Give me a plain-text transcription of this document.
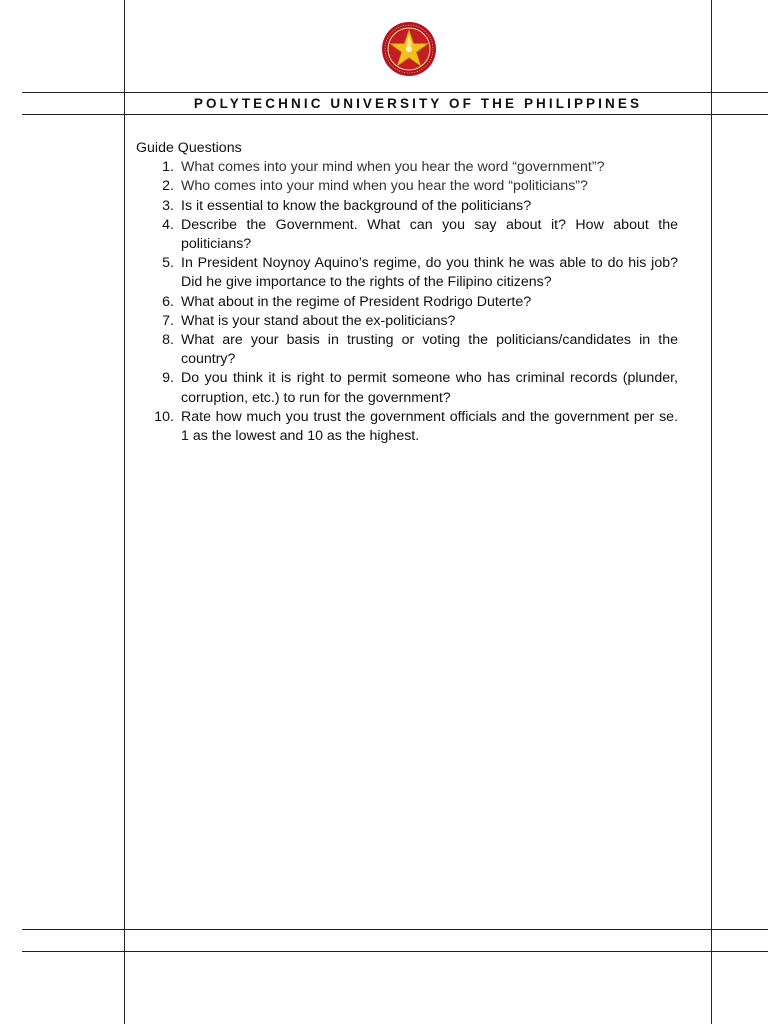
POLYTECHNIC UNIVERSITY OF THE PHILIPPINES
Guide Questions
1. What comes into your mind when you hear the word “government”?
2. Who comes into your mind when you hear the word “politicians”?
3. Is it essential to know the background of the politicians?
4. Describe the Government. What can you say about it? How about the politicians?
5. In President Noynoy Aquino’s regime, do you think he was able to do his job? Did he give importance to the rights of the Filipino citizens?
6. What about in the regime of President Rodrigo Duterte?
7. What is your stand about the ex-politicians?
8. What are your basis in trusting or voting the politicians/candidates in the country?
9. Do you think it is right to permit someone who has criminal records (plunder, corruption, etc.) to run for the government?
10. Rate how much you trust the government officials and the government per se. 1 as the lowest and 10 as the highest.
